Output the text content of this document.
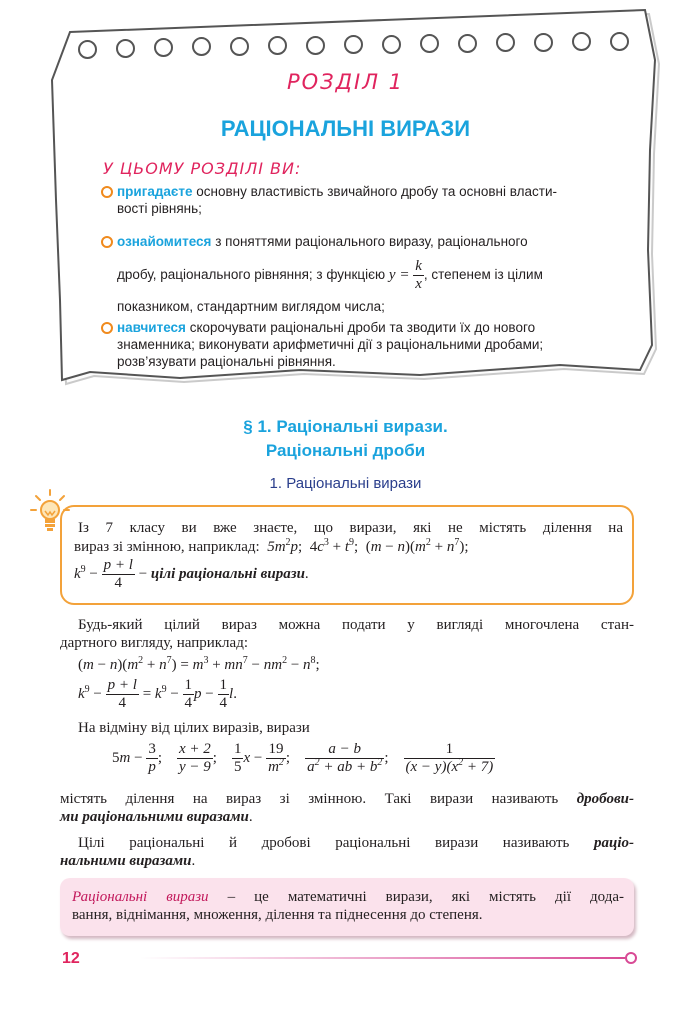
РОЗДІЛ 1
РАЦІОНАЛЬНІ ВИРАЗИ
У ЦЬОМУ РОЗДІЛІ ВИ:
пригадаєте основну властивість звичайного дробу та основні власти-
вості рівнянь;
ознайомитеся з поняттями раціонального виразу, раціонального
дробу, раціонального рівняння; з функцією $y = \frac{k}{x}$ , степенем із цілим
показником, стандартним виглядом числа;
навчитеся скорочувати раціональні дроби та зводити їх до нового
знаменника; виконувати арифметичні дії з раціональними дробами;
розв’язувати раціональні рівняння.
§ 1. Раціональні вирази.
Раціональні дроби
1. Раціональні вирази
Із 7 класу ви вже знаєте, що вирази, які не містять ділення на
вираз зі змінною, наприклад: $5m^2p$;  $4c^3 + t^9$;  $(m - n)(m^2 + n^7)$;
$k^9 - \frac{p + l}{4}$ − цілі раціональні вирази.
Будь-який цілий вираз можна подати у вигляді многочлена стан-
дартного вигляду, наприклад:
$(m - n)(m^2 + n^7) = m^3 + mn^7 - nm^2 - n^8$;
$k^9 - \frac{p + l}{4} = k^9 - \frac{1}{4}$ $p - \frac{1}{4} l$.
На відміну від цілих виразів, вирази
$5m - \frac{3}{p}$ ; $\frac{x + 2}{y - 9}$ ; $\frac{1}{5}$ $x - \frac{19}{m^2}$ ; $\frac{a - b}{a^2 + ab + b^2}$ ; $\frac{1}{(x - y)(x^2 + 7)}$
містять ділення на вираз зі змінною. Такі вирази називають дробови-
ми раціональними виразами.
Цілі раціональні й дробові раціональні вирази називають раціо-
нальними виразами.
Раціональні вирази – це математичні вирази, які містять дії дода-
вання, віднімання, множення, ділення та піднесення до степеня.
12
